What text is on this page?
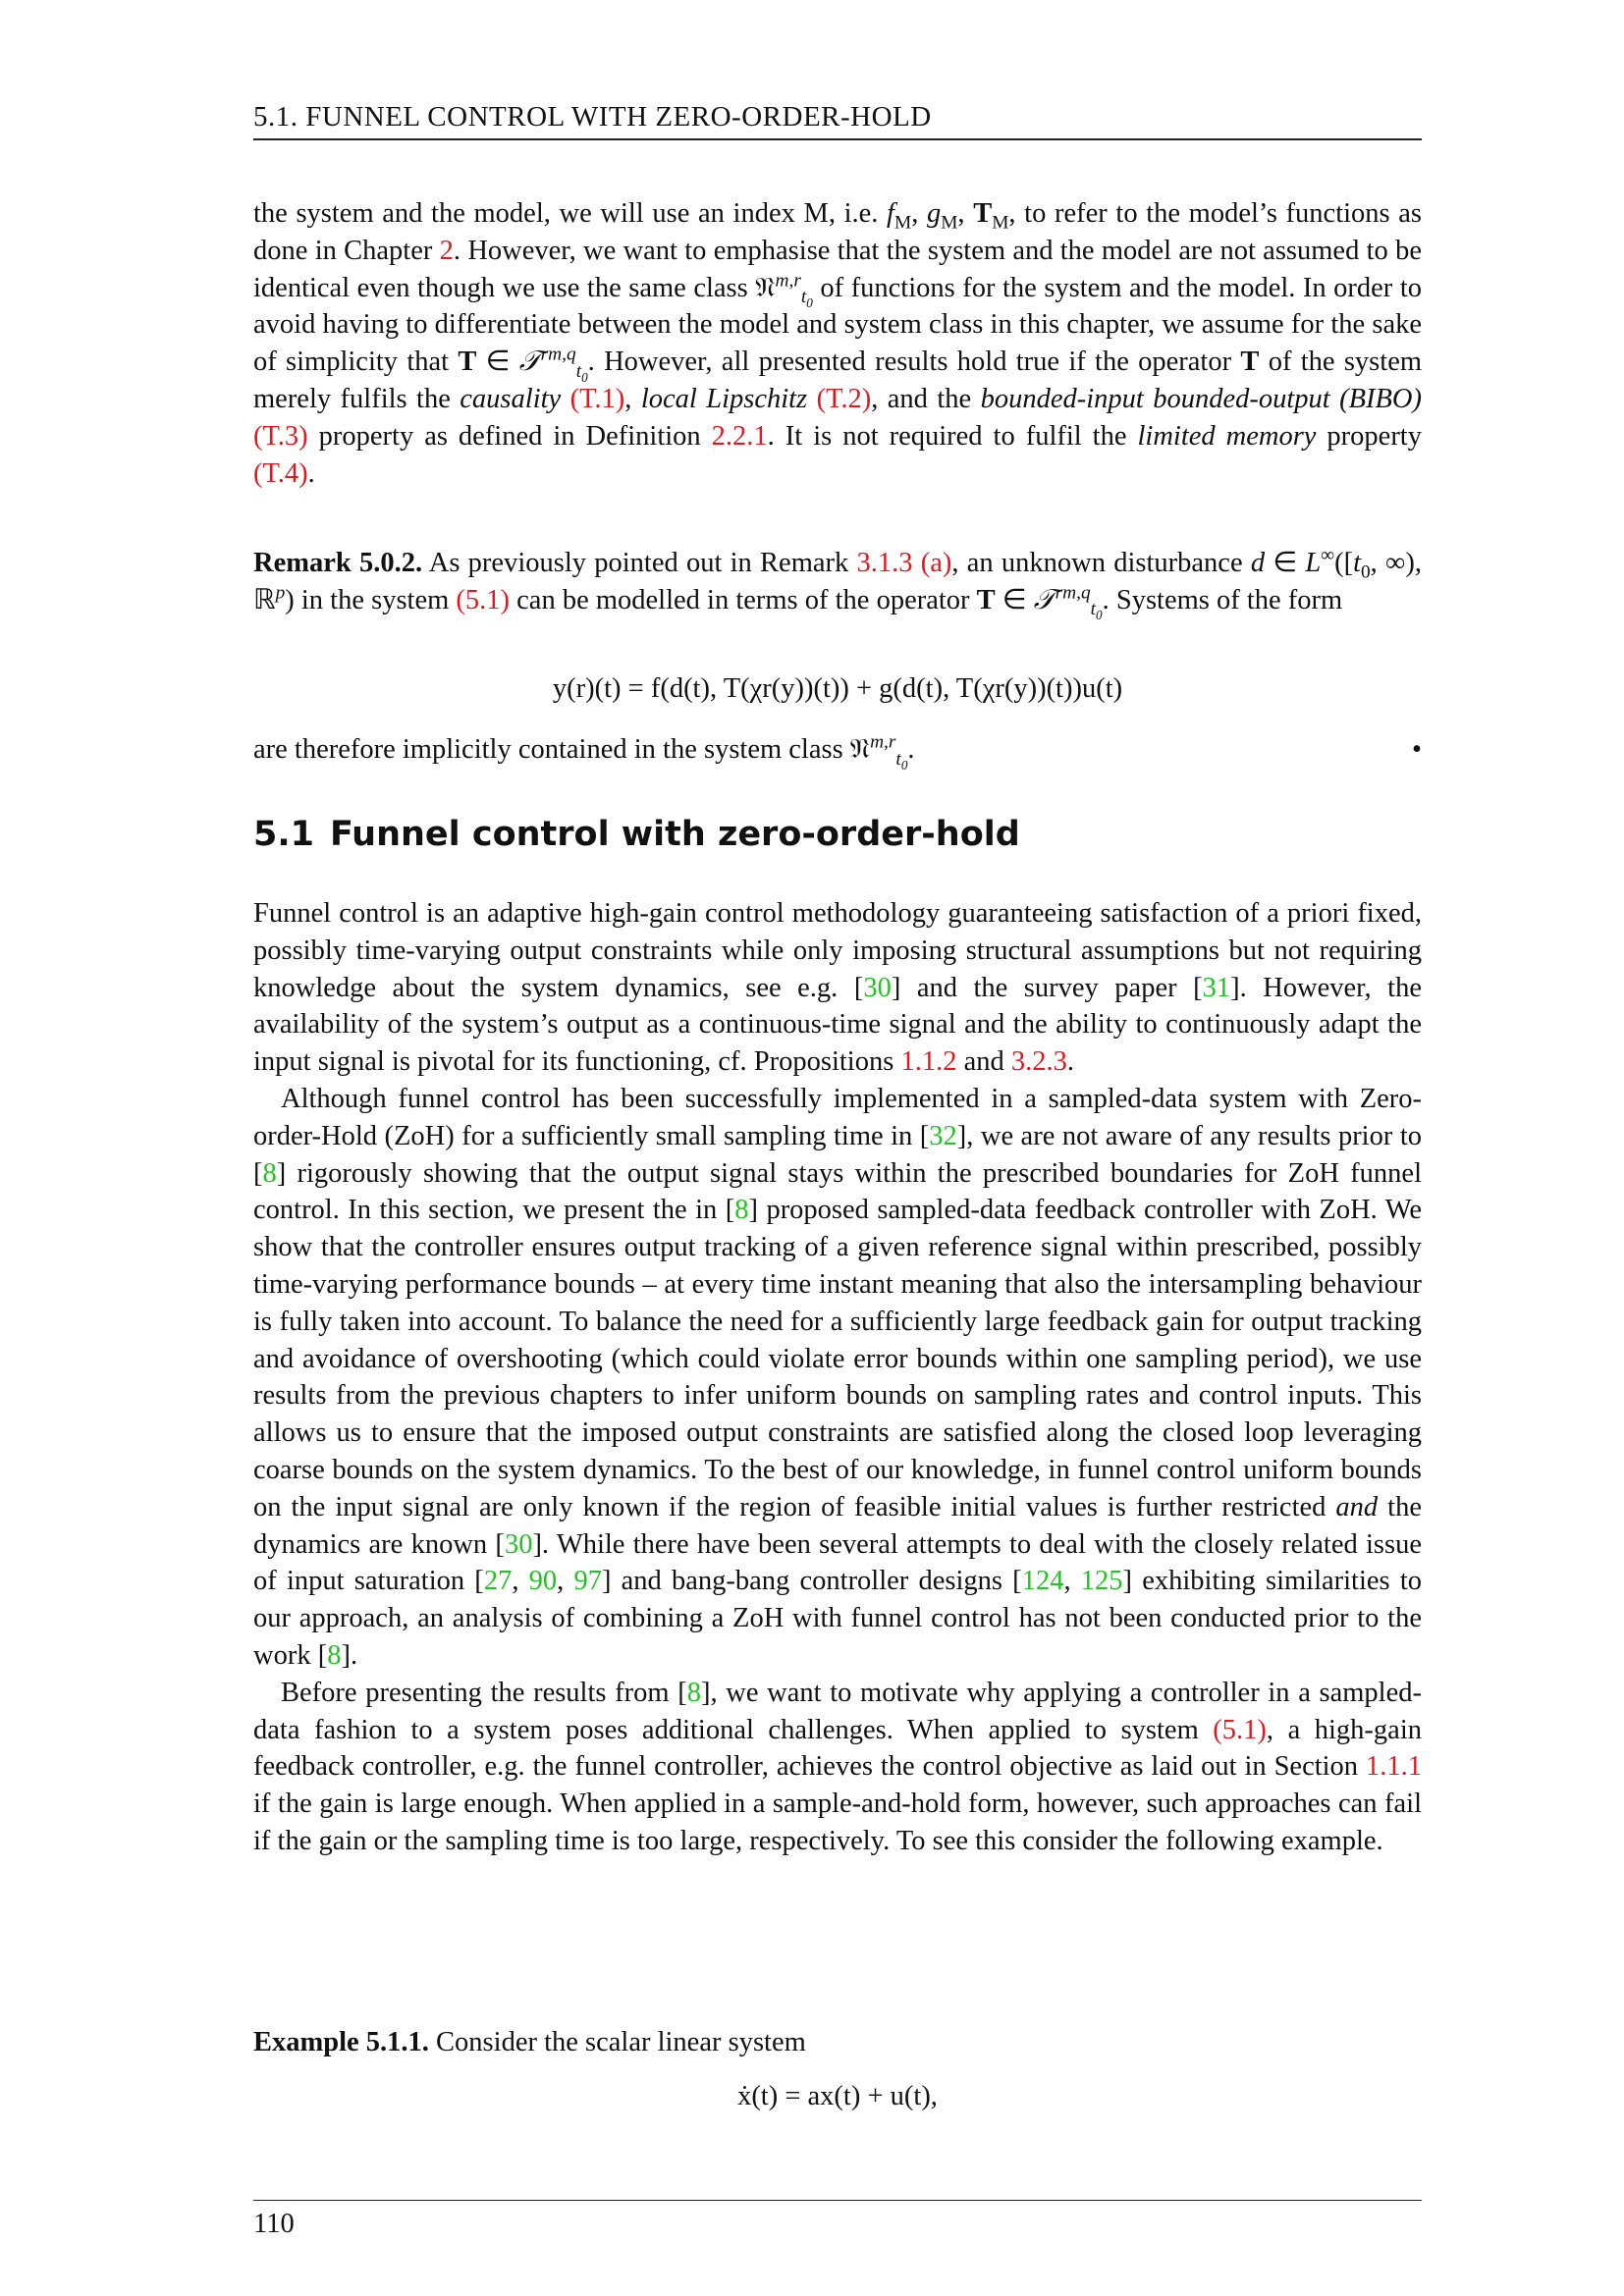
5.1. FUNNEL CONTROL WITH ZERO-ORDER-HOLD

the system and the model, we will use an index M, i.e. $f_M$, $g_M$, $T_M$, to refer to the model’s functions as done in Chapter 2. However, we want to emphasise that the system and the model are not assumed to be identical even though we use the same class 𝔑$^{m,r}_{t_0}$ of functions for the system and the model. In order to avoid having to differentiate between the model and system class in this chapter, we assume for the sake of simplicity that T ∈ 𝒯$^{rm,q}_{t_0}$. However, all presented results hold true if the operator T of the system merely fulfils the causality (T.1), local Lipschitz (T.2), and the bounded-input bounded-output (BIBO) (T.3) property as defined in Definition 2.2.1. It is not required to fulfil the limited memory property (T.4).

Remark 5.0.2. As previously pointed out in Remark 3.1.3 (a), an unknown disturbance d ∈ $L^\infty([t_0$, ∞), ℝ$^p$) in the system (5.1) can be modelled in terms of the operator T ∈ 𝒯$^{rm,q}_{t_0}$. Systems of the form

y(r)(t) = f(d(t), T(χr(y))(t)) + g(d(t), T(χr(y))(t))u(t)
are therefore implicitly contained in the system class 𝔑$^{m,r}_{t_0}$.	•
5.1 Funnel control with zero-order-hold

Funnel control is an adaptive high-gain control methodology guaranteeing satisfaction of a priori fixed, possibly time-varying output constraints while only imposing structural assumptions but not requiring knowledge about the system dynamics, see e.g. [30] and the survey paper [31]. However, the availability of the system’s output as a continuous-time signal and the ability to continuously adapt the input signal is pivotal for its functioning, cf. Propositions 1.1.2 and 3.2.3.

Although funnel control has been successfully implemented in a sampled-data system with Zero-order-Hold (ZoH) for a sufficiently small sampling time in [32], we are not aware of any results prior to [8] rigorously showing that the output signal stays within the prescribed boundaries for ZoH funnel control. In this section, we present the in [8] proposed sampled-data feedback controller with ZoH. We show that the controller ensures output tracking of a given reference signal within prescribed, possibly time-varying performance bounds – at every time instant meaning that also the intersampling behaviour is fully taken into account. To balance the need for a sufficiently large feedback gain for output tracking and avoidance of overshooting (which could violate error bounds within one sampling period), we use results from the previous chapters to infer uniform bounds on sampling rates and control inputs. This allows us to ensure that the imposed output constraints are satisfied along the closed loop leveraging coarse bounds on the system dynamics. To the best of our knowledge, in funnel control uniform bounds on the input signal are only known if the region of feasible initial values is further restricted and the dynamics are known [30]. While there have been several attempts to deal with the closely related issue of input saturation [27, 90, 97] and bang-bang controller designs [124, 125] exhibiting similarities to our approach, an analysis of combining a ZoH with funnel control has not been conducted prior to the work [8].

Before presenting the results from [8], we want to motivate why applying a controller in a sampled-data fashion to a system poses additional challenges. When applied to system (5.1), a high-gain feedback controller, e.g. the funnel controller, achieves the control objective as laid out in Section 1.1.1 if the gain is large enough. When applied in a sample-and-hold form, however, such approaches can fail if the gain or the sampling time is too large, respectively. To see this consider the following example.

Example 5.1.1. Consider the scalar linear system

ẋ(t) = ax(t) + u(t),
110
